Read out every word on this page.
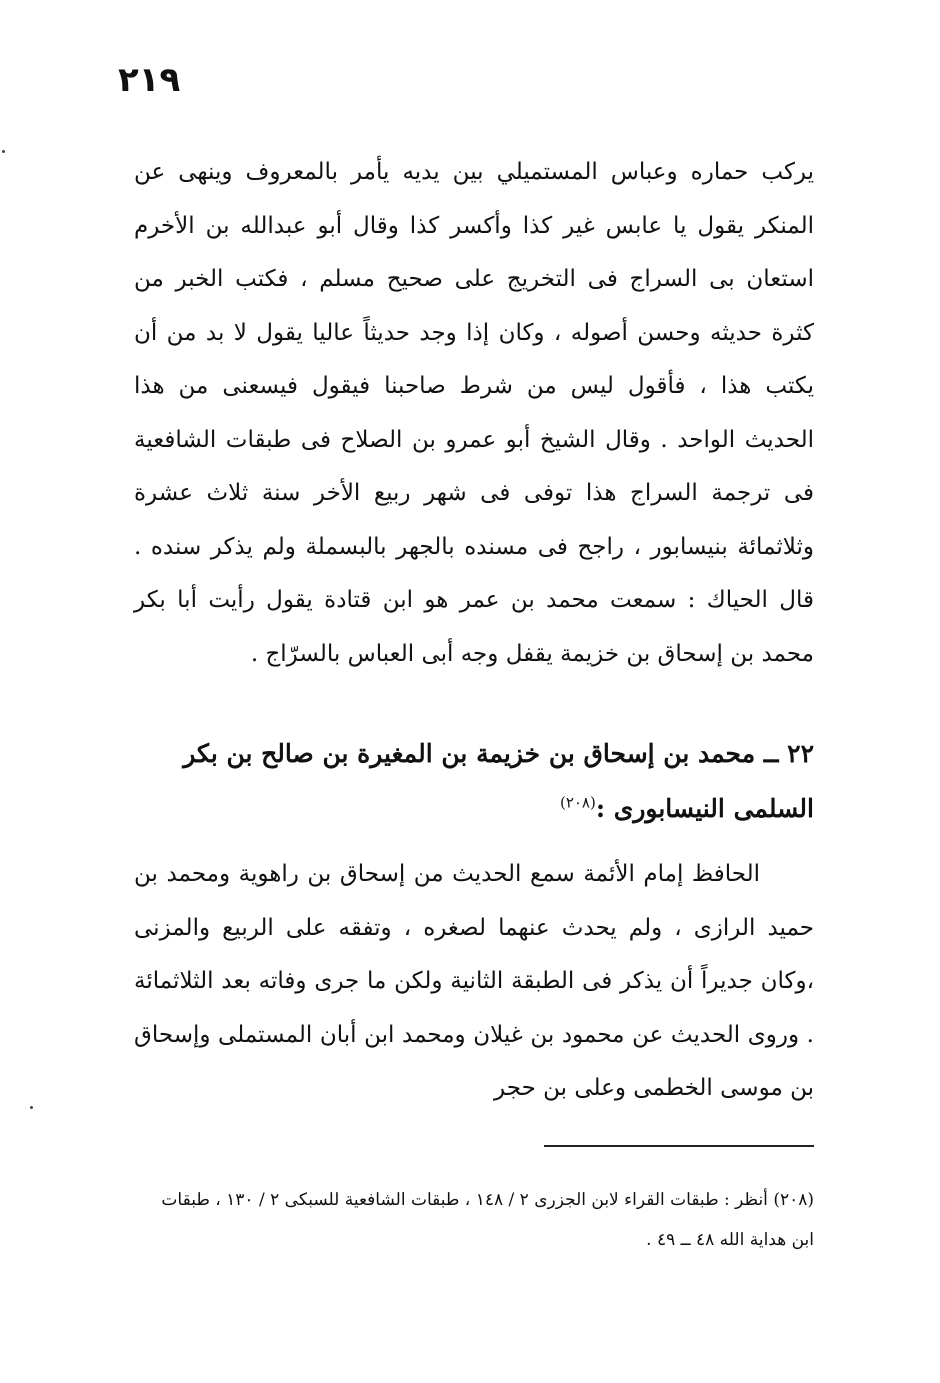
٢١٩

يركب حماره وعباس المستميلي بين يديه يأمر بالمعروف وينهى عن المنكر يقول يا عابس غير كذا وأكسر كذا وقال أبو عبدالله بن الأخرم استعان بى السراج فى التخريج على صحيح مسلم ، فكتب الخبر من كثرة حديثه وحسن أصوله ، وكان إذا وجد حديثاً عاليا يقول لا بد من أن يكتب هذا ، فأقول ليس من شرط صاحبنا فيقول فيسعنى من هذا الحديث الواحد . وقال الشيخ أبو عمرو بن الصلاح فى طبقات الشافعية فى ترجمة السراج هذا توفى فى شهر ربيع الأخر سنة ثلاث عشرة وثلاثمائة بنيسابور ، راجح فى مسنده بالجهر بالبسملة ولم يذكر سنده . قال الحياك : سمعت محمد بن عمر هو ابن قتادة يقول رأيت أبا بكر محمد بن إسحاق بن خزيمة يقفل وجه أبى العباس بالسرّاج .

٢٢ ــ محمد بن إسحاق بن خزيمة بن المغيرة بن صالح بن بكر السلمى النيسابورى :$^{(٢٠٨)}$

الحافظ إمام الأئمة سمع الحديث من إسحاق بن راهوية ومحمد بن حميد الرازى ، ولم يحدث عنهما لصغره ، وتفقه على الربيع والمزنى ،وكان جديراً أن يذكر فى الطبقة الثانية ولكن ما جرى وفاته بعد الثلاثمائة . وروى الحديث عن محمود بن غيلان ومحمد ابن أبان المستملى وإسحاق بن موسى الخطمى وعلى بن حجر

(٢٠٨) أنظر : طبقات القراء لابن الجزرى ٢ / ١٤٨ ، طبقات الشافعية للسبكى ٢ / ١٣٠ ، طبقات ابن هداية الله ٤٨ ــ ٤٩ .
